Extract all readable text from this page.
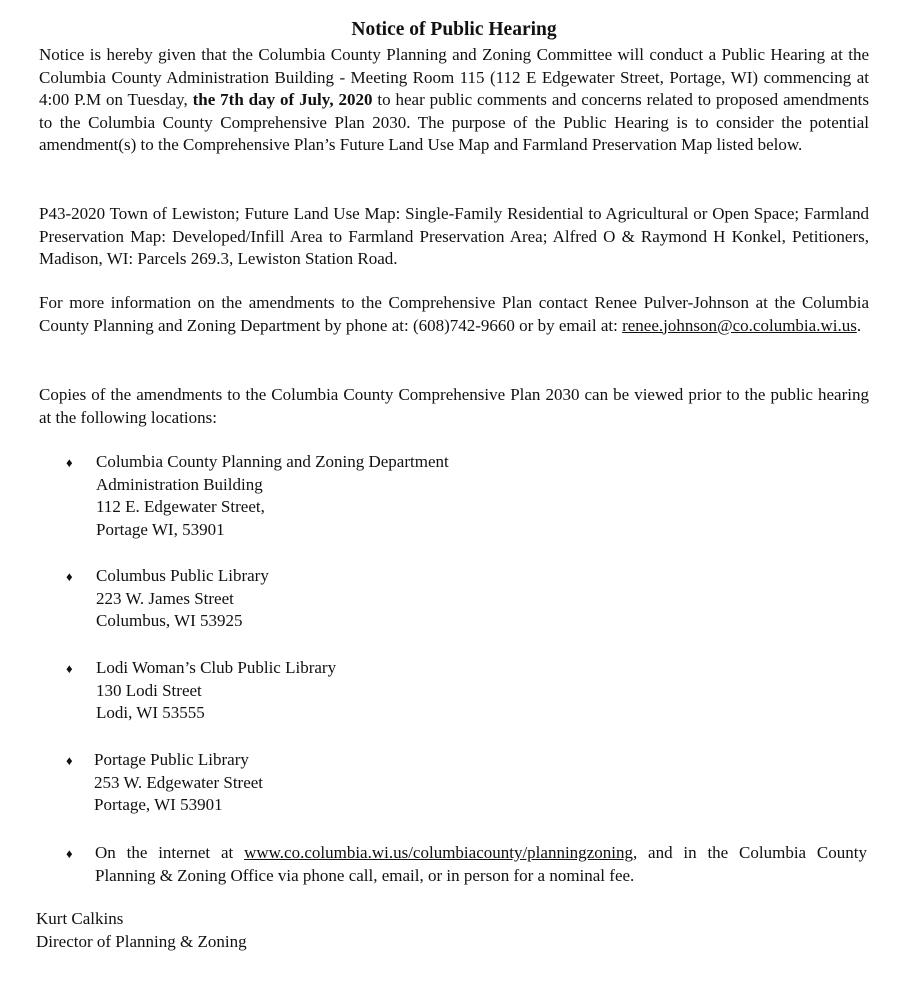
Notice of Public Hearing
Notice is hereby given that the Columbia County Planning and Zoning Committee will conduct a Public Hearing at the Columbia County Administration Building - Meeting Room 115 (112 E Edgewater Street, Portage, WI) commencing at 4:00 P.M on Tuesday, the 7th day of July, 2020 to hear public comments and concerns related to proposed amendments to the Columbia County Comprehensive Plan 2030. The purpose of the Public Hearing is to consider the potential amendment(s) to the Comprehensive Plan’s Future Land Use Map and Farmland Preservation Map listed below.
P43-2020 Town of Lewiston; Future Land Use Map: Single-Family Residential to Agricultural or Open Space; Farmland Preservation Map: Developed/Infill Area to Farmland Preservation Area; Alfred O & Raymond H Konkel, Petitioners, Madison, WI: Parcels 269.3, Lewiston Station Road.
For more information on the amendments to the Comprehensive Plan contact Renee Pulver-Johnson at the Columbia County Planning and Zoning Department by phone at: (608)742-9660 or by email at: renee.johnson@co.columbia.wi.us.
Copies of the amendments to the Columbia County Comprehensive Plan 2030 can be viewed prior to the public hearing at the following locations:
♦ Columbia County Planning and Zoning Department
Administration Building
112 E. Edgewater Street,
Portage WI, 53901
♦ Columbus Public Library
223 W. James Street
Columbus, WI 53925
♦ Lodi Woman’s Club Public Library
130 Lodi Street
Lodi, WI 53555
♦ Portage Public Library
253 W. Edgewater Street
Portage, WI 53901
♦ On the internet at www.co.columbia.wi.us/columbiacounty/planningzoning, and in the Columbia County Planning & Zoning Office via phone call, email, or in person for a nominal fee.
Kurt Calkins
Director of Planning & Zoning
